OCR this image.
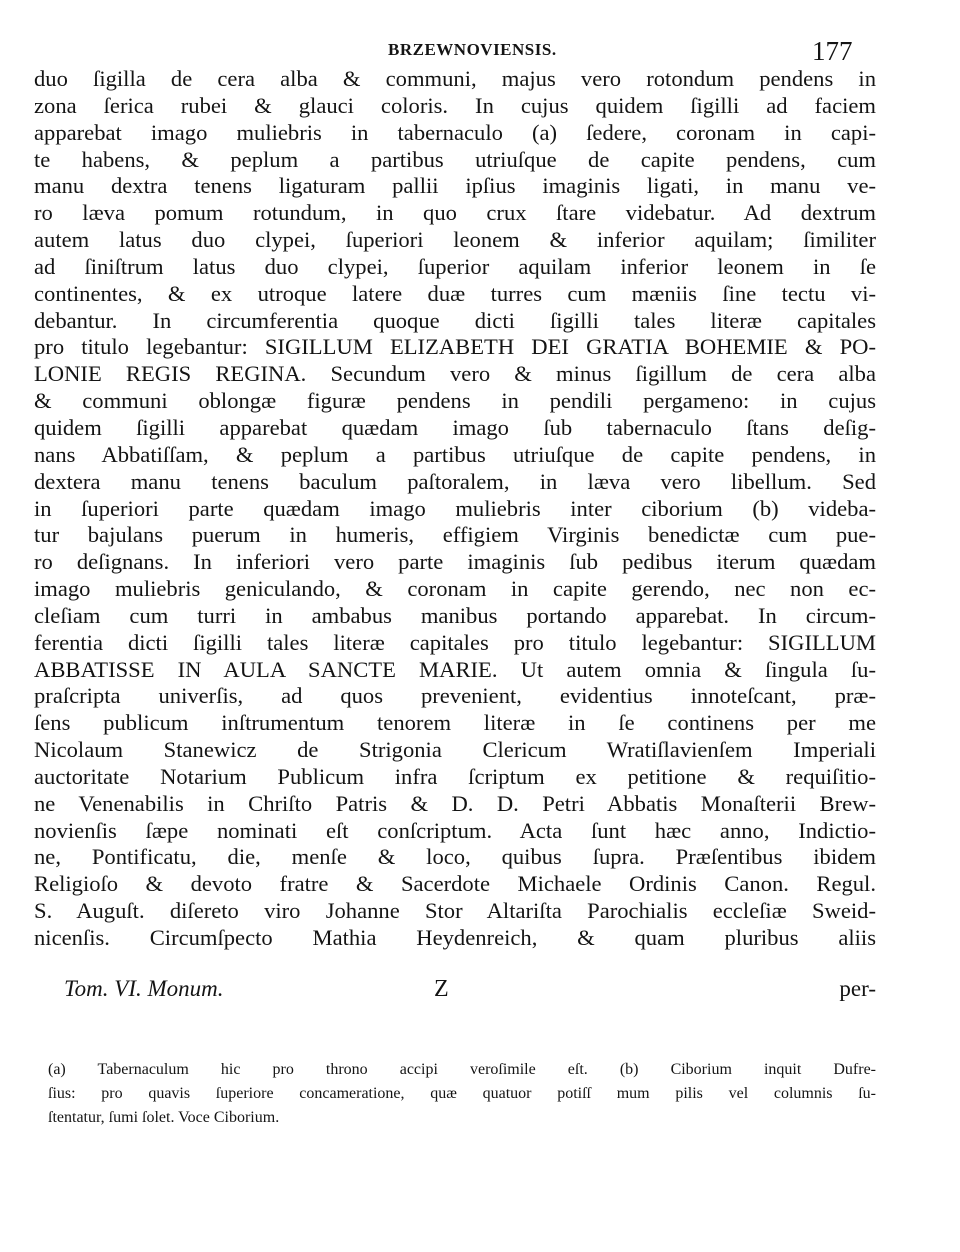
BRZEWNOVIENSIS.	177
duo ſigilla de cera alba & communi, majus vero rotondum pendens in
zona ſerica rubei & glauci coloris. In cujus quidem ſigilli ad faciem
apparebat imago muliebris in tabernaculo (a) ſedere, coronam in capi-
te habens, & peplum a partibus utriuſque de capite pendens, cum
manu dextra tenens ligaturam pallii ipſius imaginis ligati, in manu ve-
ro læva pomum rotundum, in quo crux ſtare videbatur. Ad dextrum
autem latus duo clypei, ſuperiori leonem & inferior aquilam; ſimiliter
ad ſiniſtrum latus duo clypei, ſuperior aquilam inferior leonem in ſe
continentes, & ex utroque latere duæ turres cum mæniis ſine tectu vi-
debantur. In circumferentia quoque dicti ſigilli tales literæ capitales
pro titulo legebantur: SIGILLUM ELIZABETH DEI GRATIA BOHEMIE & PO-
LONIE REGIS REGINA. Secundum vero & minus ſigillum de cera alba
& communi oblongæ figuræ pendens in pendili pergameno: in cujus
quidem ſigilli apparebat quædam imago ſub tabernaculo ſtans deſig-
nans Abbatiſſam, & peplum a partibus utriuſque de capite pendens, in
dextera manu tenens baculum paſtoralem, in læva vero libellum. Sed
in ſuperiori parte quædam imago muliebris inter ciborium (b) videba-
tur bajulans puerum in humeris, effigiem Virginis benedictæ cum pue-
ro deſignans. In inferiori vero parte imaginis ſub pedibus iterum quædam
imago muliebris geniculando, & coronam in capite gerendo, nec non ec-
cleſiam cum turri in ambabus manibus portando apparebat. In circum-
ferentia dicti ſigilli tales literæ capitales pro titulo legebantur: SIGILLUM
ABBATISSE IN AULA SANCTE MARIE. Ut autem omnia & ſingula ſu-
praſcripta univerſis, ad quos prevenient, evidentius innoteſcant, præ-
ſens publicum inſtrumentum tenorem literæ in ſe continens per me
Nicolaum Stanewicz de Strigonia Clericum Wratiſlavienſem Imperiali
auctoritate Notarium Publicum infra ſcriptum ex petitione & requiſitio-
ne Venenabilis in Chriſto Patris & D. D. Petri Abbatis Monaſterii Brew-
novienſis ſæpe nominati eſt conſcriptum. Acta ſunt hæc anno, Indictio-
ne, Pontificatu, die, menſe & loco, quibus ſupra. Præſentibus ibidem
Religioſo & devoto fratre & Sacerdote Michaele Ordinis Canon. Regul.
S. Auguſt. diſereto viro Johanne Stor Altariſta Parochialis eccleſiæ Sweid-
nicenſis. Circumſpecto Mathia Heydenreich, & quam pluribus aliis
Tom. VI. Monum.	Z	per-
(a) Tabernaculum hic pro throno accipi veroſimile eſt. (b) Ciborium inquit Dufre-
ſius: pro quavis ſuperiore concameratione, quæ quatuor potiſſ mum pilis vel columnis ſu-
ſtentatur, ſumi ſolet. Voce Ciborium.
